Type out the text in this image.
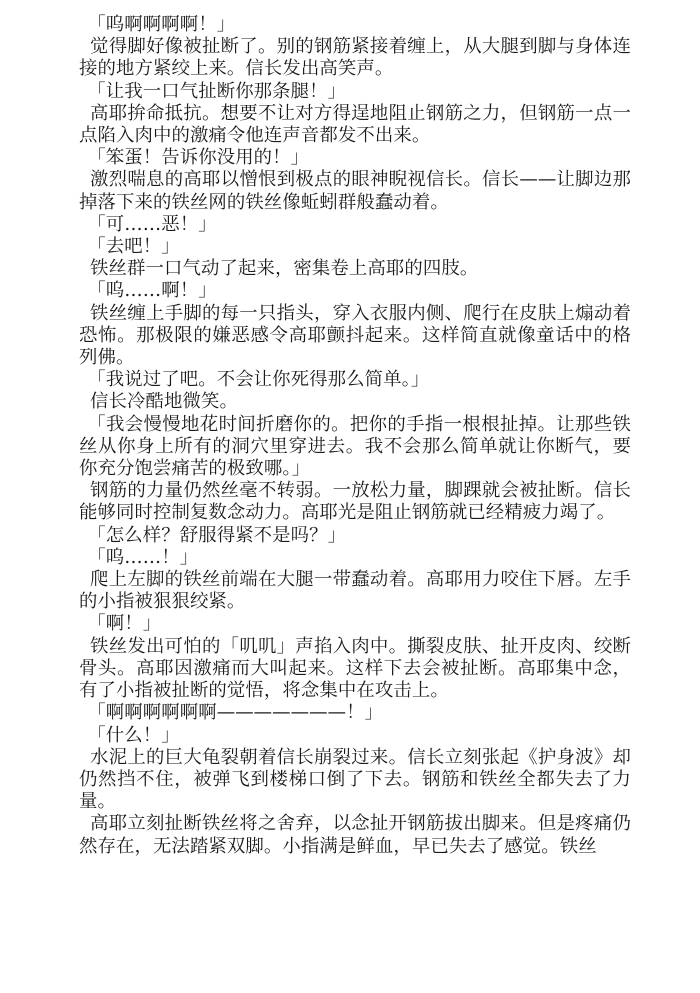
「呜啊啊啊啊！」

觉得脚好像被扯断了。别的钢筋紧接着缠上，从大腿到脚与身体连接的地方紧绞上来。信长发出高笑声。

「让我一口气扯断你那条腿！」

高耶拚命抵抗。想要不让对方得逞地阻止钢筋之力，但钢筋一点一点陷入肉中的激痛令他连声音都发不出来。

「笨蛋！告诉你没用的！」

激烈喘息的高耶以憎恨到极点的眼神睨视信长。信长——让脚边那掉落下来的铁丝网的铁丝像蚯蚓群般蠢动着。

「可……恶！」

「去吧！」

铁丝群一口气动了起来，密集卷上高耶的四肢。

「呜……啊！」

铁丝缠上手脚的每一只指头，穿入衣服内侧、爬行在皮肤上煽动着恐怖。那极限的嫌恶感令高耶颤抖起来。这样简直就像童话中的格列佛。

「我说过了吧。不会让你死得那么简单。」

信长冷酷地微笑。

「我会慢慢地花时间折磨你的。把你的手指一根根扯掉。让那些铁丝从你身上所有的洞穴里穿进去。我不会那么简单就让你断气，要你充分饱尝痛苦的极致哪。」

钢筋的力量仍然丝毫不转弱。一放松力量，脚踝就会被扯断。信长能够同时控制复数念动力。高耶光是阻止钢筋就已经精疲力竭了。

「怎么样？舒服得紧不是吗？」

「呜……！」

爬上左脚的铁丝前端在大腿一带蠢动着。高耶用力咬住下唇。左手的小指被狠狠绞紧。

「啊！」

铁丝发出可怕的「叽叽」声掐入肉中。撕裂皮肤、扯开皮肉、绞断骨头。高耶因激痛而大叫起来。这样下去会被扯断。高耶集中念，有了小指被扯断的觉悟，将念集中在攻击上。

「啊啊啊啊啊啊———————！」

「什么！」

水泥上的巨大龟裂朝着信长崩裂过来。信长立刻张起《护身波》却仍然挡不住，被弹飞到楼梯口倒了下去。钢筋和铁丝全都失去了力量。

高耶立刻扯断铁丝将之舍弃，以念扯开钢筋拔出脚来。但是疼痛仍然存在，无法踏紧双脚。小指满是鲜血，早已失去了感觉。铁丝
